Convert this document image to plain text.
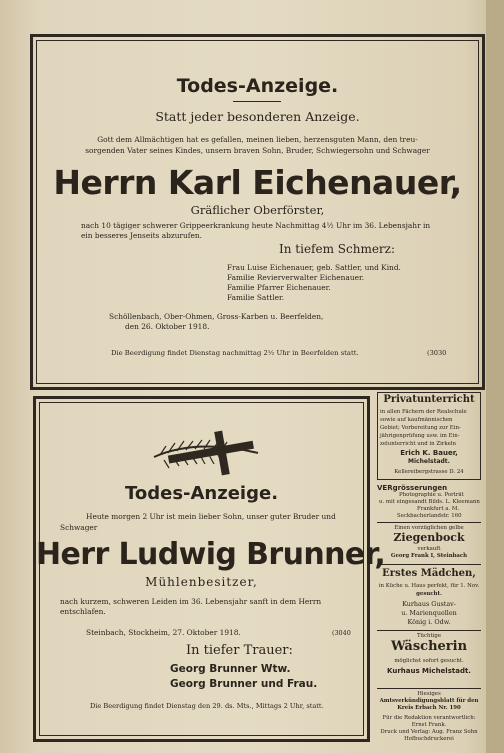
Todes-Anzeige.
Statt jeder besonderen Anzeige.
Gott dem Allmächtigen hat es gefallen, meinen lieben, herzensguten Mann, den treu-
sorgenden Vater seines Kindes, unsern braven Sohn, Bruder, Schwiegersohn und Schwager
Herrn Karl Eichenauer,
Gräflicher Oberförster,
nach 10 tägiger schwerer Grippeerkrankung heute Nachmittag 4½ Uhr im 36. Lebensjahr in
ein besseres Jenseits abzurufen.
In tiefem Schmerz:
Frau Luise Eichenauer, geb. Sattler, und Kind.
Familie Revierverwalter Eichenauer.
Familie Pfarrer Eichenauer.
Familie Sattler.
Schöllenbach, Ober-Ohmen, Gross-Karben u. Beerfelden,
den 26. Oktober 1918.
Die Beerdigung findet Dienstag nachmittag 2½ Uhr in Beerfelden statt.	(3030
Todes-Anzeige.
Heute morgen 2 Uhr ist mein lieber Sohn, unser guter Bruder und
Schwager
Herr Ludwig Brunner,
Mühlenbesitzer,
nach kurzem, schweren Leiden im 36. Lebensjahr sanft in dem Herrn
entschlafen.
Steinbach, Stockheim, 27. Oktober 1918.	(3040
In tiefer Trauer:
Georg Brunner Wtw.
Georg Brunner und Frau.
Die Beerdigung findet Dienstag den 29. ds. Mts., Mittags 2 Uhr, statt.
Privatunterricht
in allen Fächern der Realschule
sowie auf kaufmännischen
Gebiet; Vorbereitung zur Ein-
jährigenprüfung usw. im Ein-
zelunterricht und in Zirkeln
Erich K. Bauer,
Michelstadt.
Kellereibergstrasse D. 24
VERgrösserungen
Photographie u. Porträt
u. mit eingesandt Bilds. L. Kleemann
Frankfurt a. M.
Seckbacherlandstr. 160
Einen vorzüglichen gelbe
Ziegenbock
verkauft
Georg Frank I, Steinbach
Erstes Mädchen,
in Küche u. Haus perfekt, für 1. Nov.
gesucht.
Kurhaus Gustav-
u. Marienquellen
König i. Odw.
Tüchtige
Wäscherin
möglichst sofort gesucht.
Kurhaus Michelstadt.
Hiesiges
Amtsverkündigungsblatt für den
Kreis Erbach Nr. 190
Für die Redaktion verantwortlich:
Ernst Frank.
Druck und Verlag: Aug. Franz Sohn
Hofbuchdruckerei
